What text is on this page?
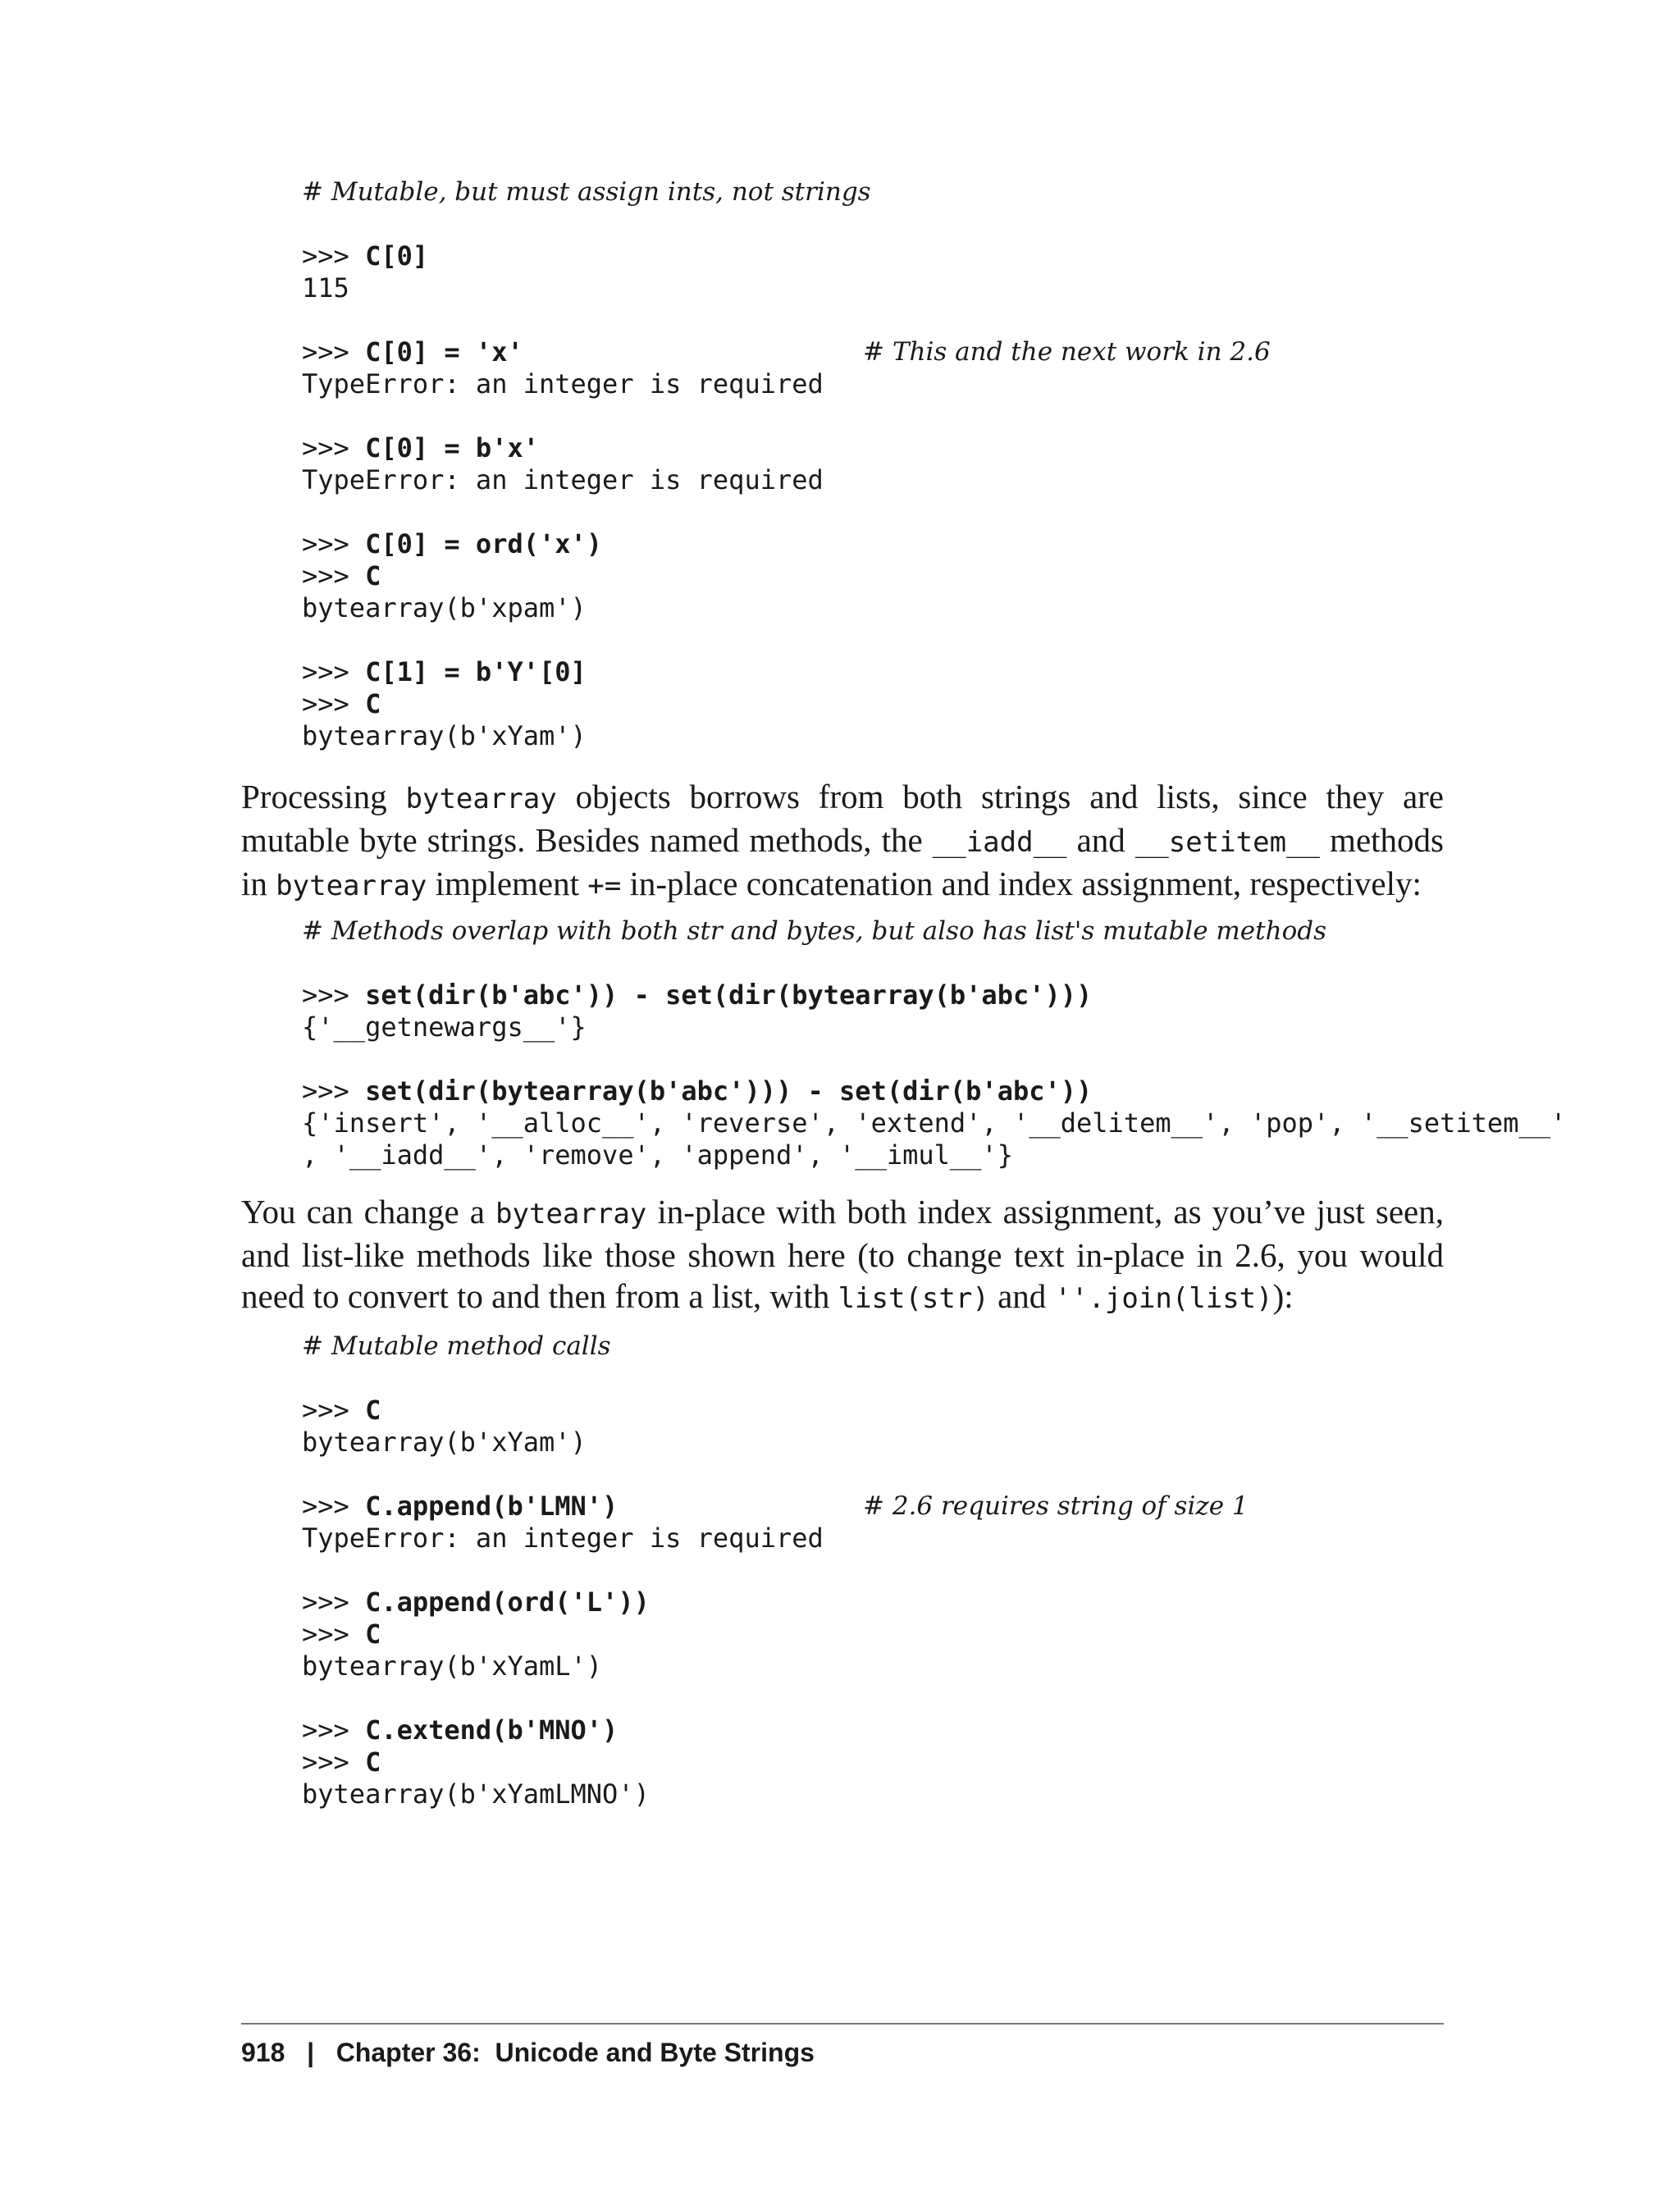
# Mutable, but must assign ints, not strings
>>> C[0]
115
>>> C[0] = 'x'	# This and the next work in 2.6
TypeError: an integer is required
>>> C[0] = b'x'
TypeError: an integer is required
>>> C[0] = ord('x')
>>> C
bytearray(b'xpam')
>>> C[1] = b'Y'[0]
>>> C
bytearray(b'xYam')
Processing bytearray objects borrows from both strings and lists, since they are mutable byte strings. Besides named methods, the __iadd__ and __setitem__ methods in bytearray implement += in-place concatenation and index assignment, respectively:
# Methods overlap with both str and bytes, but also has list's mutable methods
>>> set(dir(b'abc')) - set(dir(bytearray(b'abc')))
{'__getnewargs__'}
>>> set(dir(bytearray(b'abc'))) - set(dir(b'abc'))
{'insert', '__alloc__', 'reverse', 'extend', '__delitem__', 'pop', '__setitem__'
, '__iadd__', 'remove', 'append', '__imul__'}
You can change a bytearray in-place with both index assignment, as you’ve just seen, and list-like methods like those shown here (to change text in-place in 2.6, you would need to convert to and then from a list, with list(str) and ''.join(list)):
# Mutable method calls
>>> C
bytearray(b'xYam')
>>> C.append(b'LMN')	# 2.6 requires string of size 1
TypeError: an integer is required
>>> C.append(ord('L'))
>>> C
bytearray(b'xYamL')
>>> C.extend(b'MNO')
>>> C
bytearray(b'xYamLMNO')
918 | Chapter 36:  Unicode and Byte Strings
